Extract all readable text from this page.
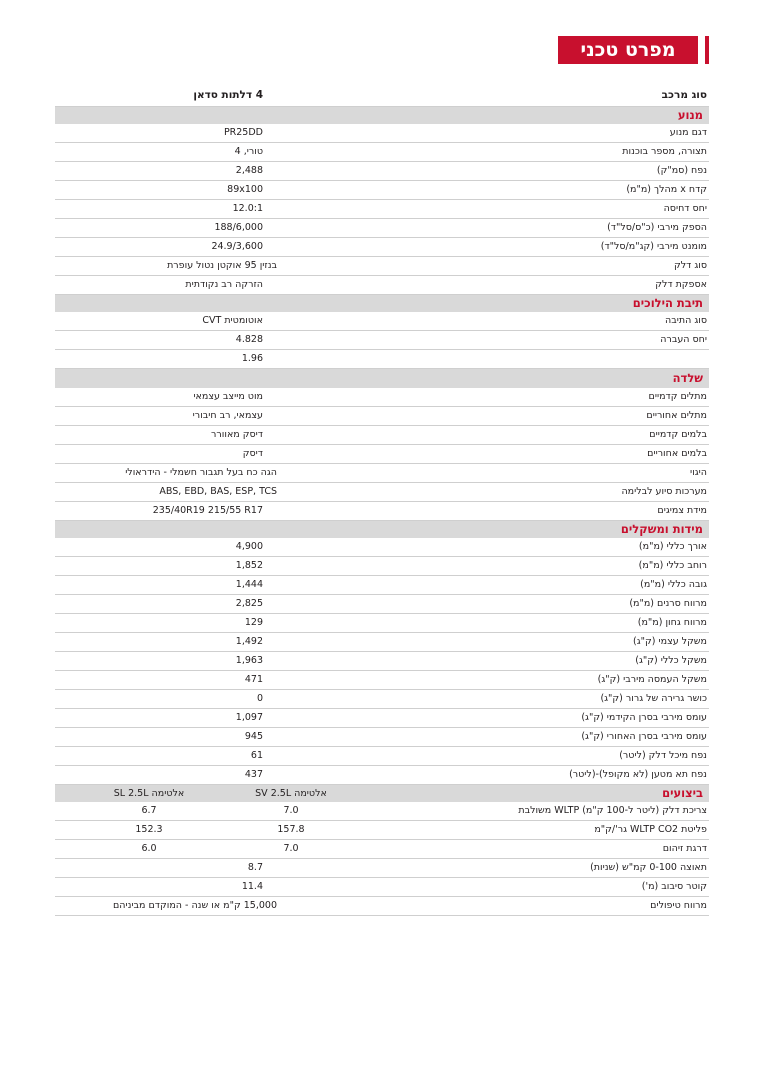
מפרט טכני
סוג מרכב
4 דלתות סדאן
מנוע
דגם מנוע
PR25DD
תצורה, מספר בוכנות
טורי, 4
נפח (סמ"ק)
2,488
קדח x מהלך (מ"מ)
89x100
יחס דחיסה
12.0:1
הספק מירבי (כ"ס/סל"ד)
188/6,000
מומנט מירבי (קג"מ/סל"ד)
24.9/3,600
סוג דלק
בנזין 95 אוקטן נטול עופרת
אספקת דלק
הזרקה רב נקודתית
תיבת הילוכים
סוג התיבה
אוטומטית CVT
יחס העברה
4.828
1.96
שלדה
מתלים קדמיים
מוט מייצב עצמאי
מתלים אחוריים
עצמאי, רב חיבורי
בלמים קדמיים
דיסק מאוורר
בלמים אחוריים
דיסק
היגוי
הגה כח בעל תגבור חשמלי - הידראולי
מערכות סיוע לבלימה
ABS, EBD, BAS, ESP, TCS
מידת צמיגים
235/40R19 215/55 R17
מידות ומשקלים
אורך כללי (מ"מ)
4,900
רוחב כללי (מ"מ)
1,852
גובה כללי (מ"מ)
1,444
מרווח סרנים (מ"מ)
2,825
מרווח גחון (מ"מ)
129
משקל עצמי (ק"ג)
1,492
משקל כללי (ק"ג)
1,963
משקל העמסה מירבי (ק"ג)
471
כושר גרירה של גרור (ק"ג)
0
עומס מירבי בסרן הקידמי (ק"ג)
1,097
עומס מירבי בסרן האחורי (ק"ג)
945
נפח מיכל דלק (ליטר)
61
נפח תא מטען (לא מקופל)-(ליטר)
437
ביצועים
אלטימה SV 2.5L
אלטימה SL 2.5L
צריכת דלק (ליטר ל-100 ק"מ) WLTP משולבת
7.0
6.7
פליטת WLTP CO2 גר'/ק"מ
157.8
152.3
דרגת זיהום
7.0
6.0
תאוצה 0-100 קמ"ש (שניות)
8.7
קוטר סיבוב (מ')
11.4
מרווח טיפולים
15,000 ק"מ או שנה - המוקדם מביניהם
